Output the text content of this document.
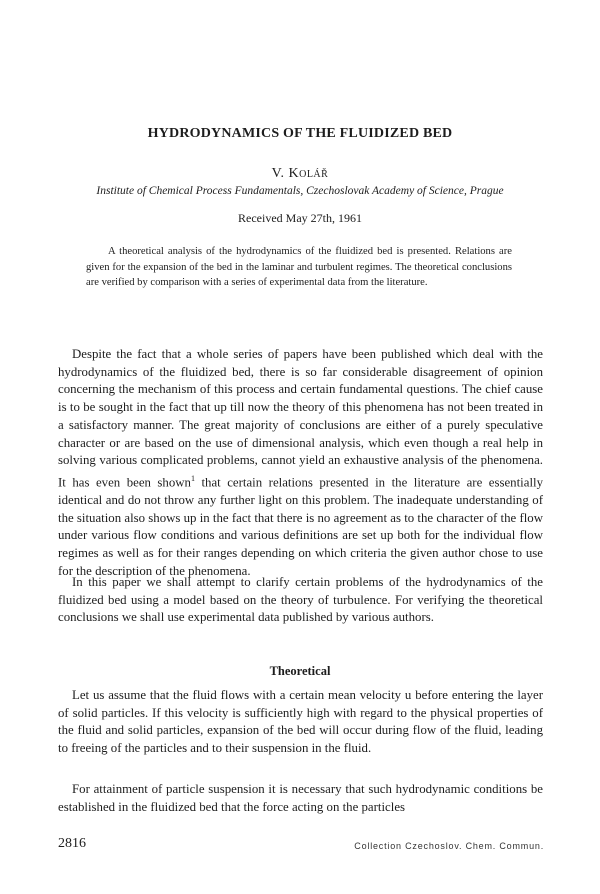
HYDRODYNAMICS OF THE FLUIDIZED BED
V. Kolář
Institute of Chemical Process Fundamentals, Czechoslovak Academy of Science, Prague
Received May 27th, 1961

A theoretical analysis of the hydrodynamics of the fluidized bed is presented. Relations are given for the expansion of the bed in the laminar and turbulent regimes. The theoretical conclusions are verified by comparison with a series of experimental data from the literature.

Despite the fact that a whole series of papers have been published which deal with the hydrodynamics of the fluidized bed, there is so far considerable disagreement of opinion concerning the mechanism of this process and certain fundamental questions. The chief cause is to be sought in the fact that up till now the theory of this phenomena has not been treated in a satisfactory manner. The great majority of conclusions are either of a purely speculative character or are based on the use of dimensional analysis, which even though a real help in solving various complicated problems, cannot yield an exhaustive analysis of the phenomena. It has even been shown$^1$ that certain relations presented in the literature are essentially identical and do not throw any further light on this problem. The inadequate understanding of the situation also shows up in the fact that there is no agreement as to the character of the flow under various flow conditions and various definitions are set up both for the individual flow regimes as well as for their ranges depending on which criteria the given author chose to use for the description of the phenomena.

In this paper we shall attempt to clarify certain problems of the hydrodynamics of the fluidized bed using a model based on the theory of turbulence. For verifying the theoretical conclusions we shall use experimental data published by various authors.

Theoretical

Let us assume that the fluid flows with a certain mean velocity u before entering the layer of solid particles. If this velocity is sufficiently high with regard to the physical properties of the fluid and solid particles, expansion of the bed will occur during flow of the fluid, leading to freeing of the particles and to their suspension in the fluid.

For attainment of particle suspension it is necessary that such hydrodynamic conditions be established in the fluidized bed that the force acting on the particles

2816	Collection Czechoslov. Chem. Commun.
